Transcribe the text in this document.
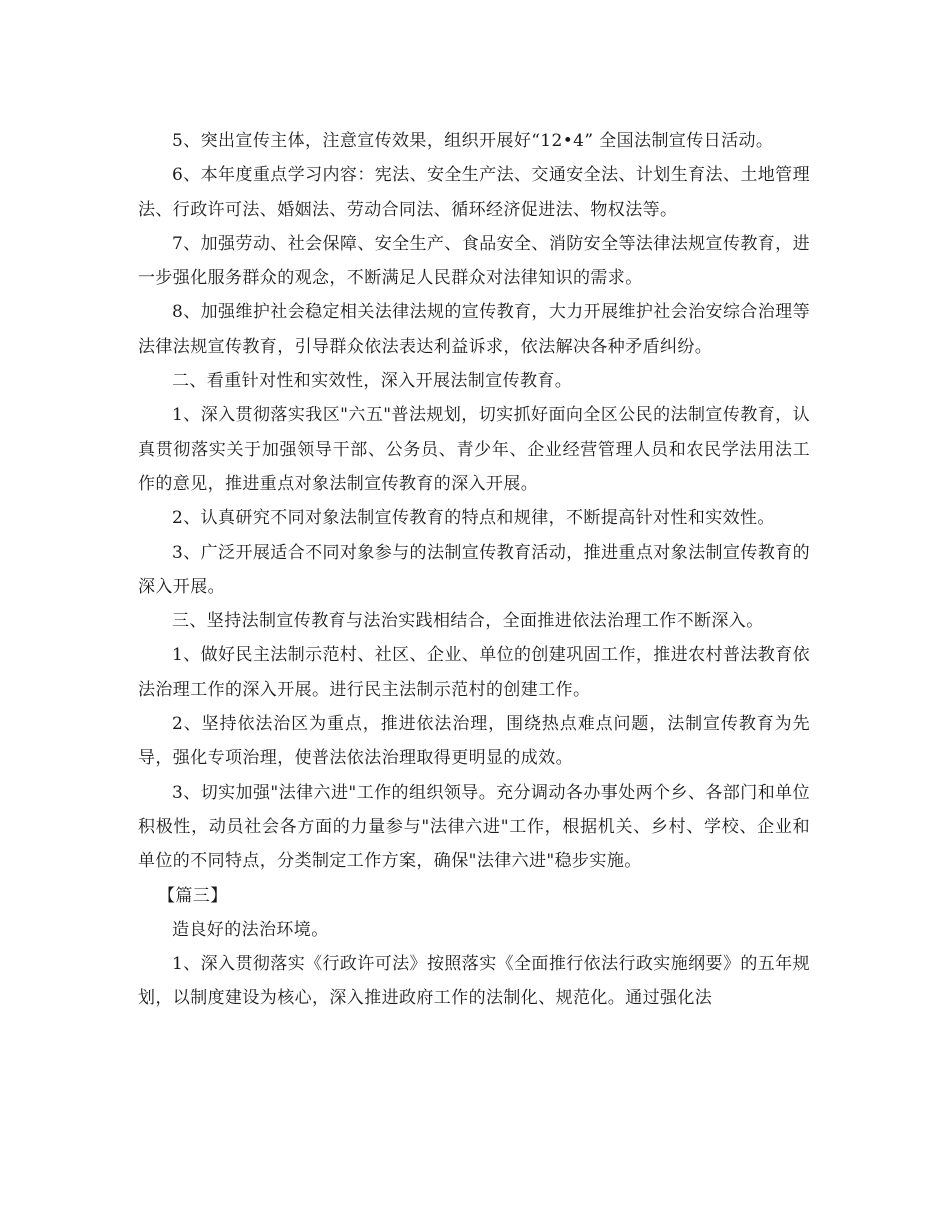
5、突出宣传主体，注意宣传效果，组织开展好“12•4” 全国法制宣传日活动。

6、本年度重点学习内容：宪法、安全生产法、交通安全法、计划生育法、土地管理法、行政许可法、婚姻法、劳动合同法、循环经济促进法、物权法等。

7、加强劳动、社会保障、安全生产、食品安全、消防安全等法律法规宣传教育，进一步强化服务群众的观念，不断满足人民群众对法律知识的需求。

8、加强维护社会稳定相关法律法规的宣传教育，大力开展维护社会治安综合治理等法律法规宣传教育，引导群众依法表达利益诉求，依法解决各种矛盾纠纷。

二、看重针对性和实效性，深入开展法制宣传教育。

1、深入贯彻落实我区"六五"普法规划，切实抓好面向全区公民的法制宣传教育，认真贯彻落实关于加强领导干部、公务员、青少年、企业经营管理人员和农民学法用法工作的意见，推进重点对象法制宣传教育的深入开展。

2、认真研究不同对象法制宣传教育的特点和规律，不断提高针对性和实效性。

3、广泛开展适合不同对象参与的法制宣传教育活动，推进重点对象法制宣传教育的深入开展。

三、坚持法制宣传教育与法治实践相结合，全面推进依法治理工作不断深入。

1、做好民主法制示范村、社区、企业、单位的创建巩固工作，推进农村普法教育依法治理工作的深入开展。进行民主法制示范村的创建工作。

2、坚持依法治区为重点，推进依法治理，围绕热点难点问题，法制宣传教育为先导，强化专项治理，使普法依法治理取得更明显的成效。

3、切实加强"法律六进"工作的组织领导。充分调动各办事处两个乡、各部门和单位积极性，动员社会各方面的力量参与"法律六进"工作，根据机关、乡村、学校、企业和单位的不同特点，分类制定工作方案，确保"法律六进"稳步实施。

【篇三】

造良好的法治环境。

1、深入贯彻落实《行政许可法》按照落实《全面推行依法行政实施纲要》的五年规划，以制度建设为核心，深入推进政府工作的法制化、规范化。通过强化法
